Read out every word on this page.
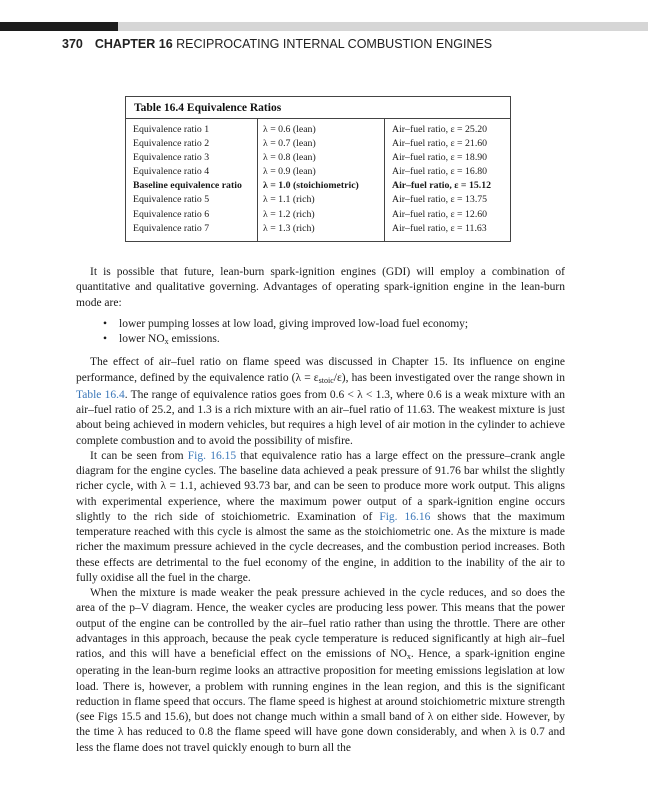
370 CHAPTER 16 RECIPROCATING INTERNAL COMBUSTION ENGINES
Table 16.4 Equivalence Ratios
Equivalence ratio 1
Equivalence ratio 2
Equivalence ratio 3
Equivalence ratio 4
Baseline equivalence ratio
Equivalence ratio 5
Equivalence ratio 6
Equivalence ratio 7
λ = 0.6 (lean)
λ = 0.7 (lean)
λ = 0.8 (lean)
λ = 0.9 (lean)
λ = 1.0 (stoichiometric)
λ = 1.1 (rich)
λ = 1.2 (rich)
λ = 1.3 (rich)
Air–fuel ratio, ε = 25.20
Air–fuel ratio, ε = 21.60
Air–fuel ratio, ε = 18.90
Air–fuel ratio, ε = 16.80
Air–fuel ratio, ε = 15.12
Air–fuel ratio, ε = 13.75
Air–fuel ratio, ε = 12.60
Air–fuel ratio, ε = 11.63

It is possible that future, lean-burn spark-ignition engines (GDI) will employ a combination of quantitative and qualitative governing. Advantages of operating spark-ignition engine in the lean-burn mode are:

• lower pumping losses at low load, giving improved low-load fuel economy;
• lower $NO_x$ emissions.

The effect of air–fuel ratio on flame speed was discussed in Chapter 15. Its influence on engine performance, defined by the equivalence ratio $(\lambda = \varepsilon_{stoic}/\varepsilon)$, has been investigated over the range shown in Table 16.4. The range of equivalence ratios goes from 0.6 < λ < 1.3, where 0.6 is a weak mixture with an air–fuel ratio of 25.2, and 1.3 is a rich mixture with an air–fuel ratio of 11.63. The weakest mixture is just about being achieved in modern vehicles, but requires a high level of air motion in the cylinder to achieve complete combustion and to avoid the possibility of misfire.

It can be seen from Fig. 16.15 that equivalence ratio has a large effect on the pressure–crank angle diagram for the engine cycles. The baseline data achieved a peak pressure of 91.76 bar whilst the slightly richer cycle, with λ = 1.1, achieved 93.73 bar, and can be seen to produce more work output. This aligns with experimental experience, where the maximum power output of a spark-ignition engine occurs slightly to the rich side of stoichiometric. Examination of Fig. 16.16 shows that the maximum temperature reached with this cycle is almost the same as the stoichiometric one. As the mixture is made richer the maximum pressure achieved in the cycle decreases, and the combustion period increases. Both these effects are detrimental to the fuel economy of the engine, in addition to the inability of the air to fully oxidise all the fuel in the charge.

When the mixture is made weaker the peak pressure achieved in the cycle reduces, and so does the area of the p–V diagram. Hence, the weaker cycles are producing less power. This means that the power output of the engine can be controlled by the air–fuel ratio rather than using the throttle. There are other advantages in this approach, because the peak cycle temperature is reduced significantly at high air–fuel ratios, and this will have a beneficial effect on the emissions of $NO_x$. Hence, a spark-ignition engine operating in the lean-burn regime looks an attractive proposition for meeting emissions legislation at low load. There is, however, a problem with running engines in the lean region, and this is the significant reduction in flame speed that occurs. The flame speed is highest at around stoichiometric mixture strength (see Figs 15.5 and 15.6), but does not change much within a small band of λ on either side. However, by the time λ has reduced to 0.8 the flame speed will have gone down considerably, and when λ is 0.7 and less the flame does not travel quickly enough to burn all the
